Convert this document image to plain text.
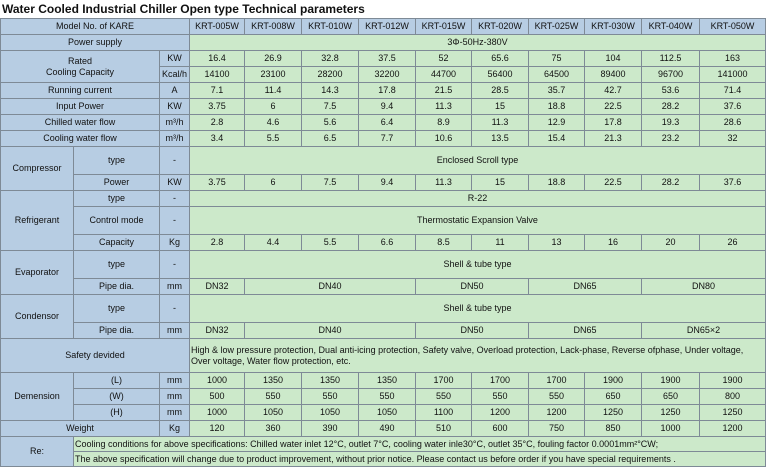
Water Cooled Industrial Chiller Open type Technical parameters
Model No. of KARE			KRT-005W	KRT-008W	KRT-010W	KRT-012W	KRT-015W	KRT-020W	KRT-025W	KRT-030W	KRT-040W	KRT-050W
Power supply			3Φ-50Hz-380V									
Rated
Cooling Capacity		KW	16.4	26.9	32.8	37.5	52	65.6	75	104	112.5	163
		Kcal/h	14100	23100	28200	32200	44700	56400	64500	89400	96700	141000
Running current		A	7.1	11.4	14.3	17.8	21.5	28.5	35.7	42.7	53.6	71.4
Input Power		KW	3.75	6	7.5	9.4	11.3	15	18.8	22.5	28.2	37.6
Chilled water flow		m³/h	2.8	4.6	5.6	6.4	8.9	11.3	12.9	17.8	19.3	28.6
Cooling water flow		m³/h	3.4	5.5	6.5	7.7	10.6	13.5	15.4	21.3	23.2	32
Compressor	type	-	Enclosed Scroll type									
	Power	KW	3.75	6	7.5	9.4	11.3	15	18.8	22.5	28.2	37.6
Refrigerant	type	-	R-22									
	Control mode	-	Thermostatic Expansion Valve									
	Capacity	Kg	2.8	4.4	5.5	6.6	8.5	11	13	16	20	26
Evaporator	type	-	Shell & tube type									
	Pipe dia.	mm	DN32	DN40			DN50		DN65		DN80	
Condensor	type	-	Shell & tube type									
	Pipe dia.	mm	DN32	DN40			DN50		DN65		DN65×2	
Safety devided			High & low pressure protection, Dual anti-icing protection, Safety valve, Overload protection, Lack-phase, Reverse ofphase, Under voltage, Over voltage, Water flow protection, etc.									
Demension	(L)	mm	1000	1350	1350	1350	1700	1700	1700	1900	1900	1900
	(W)	mm	500	550	550	550	550	550	550	650	650	800
	(H)	mm	1000	1050	1050	1050	1100	1200	1200	1250	1250	1250
Weight		Kg	120	360	390	490	510	600	750	850	1000	1200
Re:	Cooling conditions for above specifications: Chilled water inlet 12°C, outlet 7°C, cooling water inle30°C, outlet 35°C, fouling factor 0.0001mm²°CW;											
	The above specification will change due to product improvement, without prior notice. Please contact us before order if you have special requirements .											
